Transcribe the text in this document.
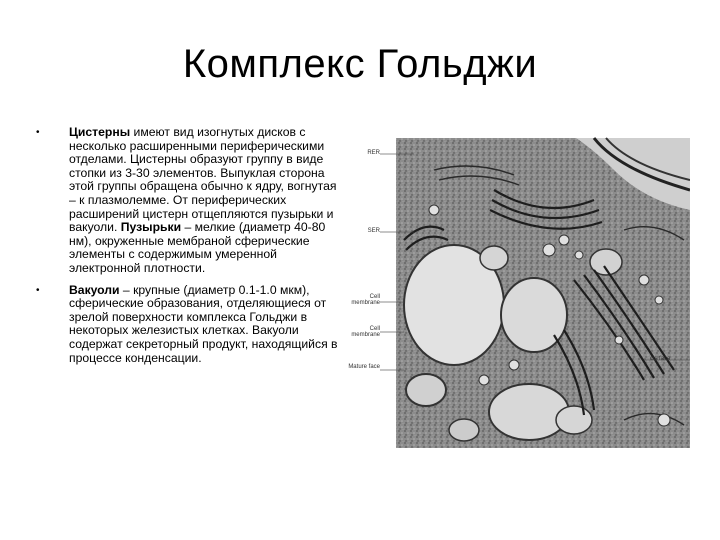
Комплекс Гольджи
• Цистерны имеют вид изогнутых дисков с несколько расширенными периферическими отделами. Цистерны образуют группу в виде стопки из 3-30 элементов. Выпуклая сторона этой группы обращена обычно к ядру, вогнутая – к плазмолемме. От периферических расширений цистерн отщепляются пузырьки и вакуоли. Пузырьки – мелкие (диаметр 40-80 нм), окруженные мембраной сферические элементы с содержимым умеренной электронной плотности.
• Вакуоли – крупные (диаметр 0.1-1.0 мкм), сферические образования, отделяющиеся от зрелой поверхности комплекса Гольджи в некоторых железистых клетках. Вакуоли содержат секреторный продукт, находящийся в процессе конденсации.
RER
SER
Cell membrane
Cell membrane
Mature face
cis face
